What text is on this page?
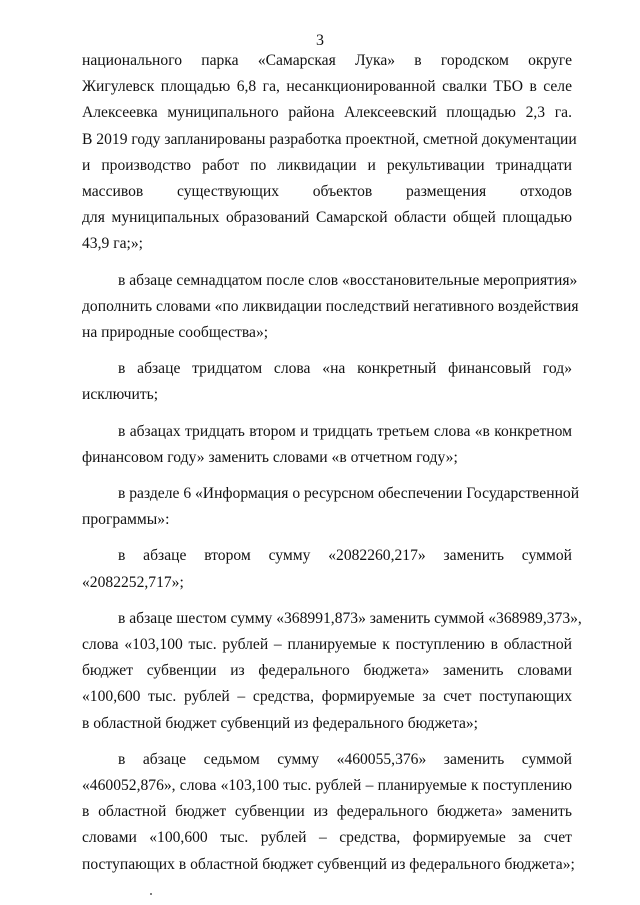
3
национального парка «Самарская Лука» в городском округе
Жигулевск площадью 6,8 га, несанкционированной свалки ТБО в селе
Алексеевка муниципального района Алексеевский площадью 2,3 га.
В 2019 году запланированы разработка проектной, сметной документации
и производство работ по ликвидации и рекультивации тринадцати
массивов существующих объектов размещения отходов
для муниципальных образований Самарской области общей площадью
43,9 га;»;
в абзаце семнадцатом после слов «восстановительные мероприятия»
дополнить словами «по ликвидации последствий негативного воздействия
на природные сообщества»;
в абзаце тридцатом слова «на конкретный финансовый год»
исключить;
в абзацах тридцать втором и тридцать третьем слова «в конкретном
финансовом году» заменить словами «в отчетном году»;
в разделе 6 «Информация о ресурсном обеспечении Государственной
программы»:
в абзаце втором сумму «2082260,217» заменить суммой
«2082252,717»;
в абзаце шестом сумму «368991,873» заменить суммой «368989,373»,
слова «103,100 тыс. рублей – планируемые к поступлению в областной
бюджет субвенции из федерального бюджета» заменить словами
«100,600 тыс. рублей – средства, формируемые за счет поступающих
в областной бюджет субвенций из федерального бюджета»;
в абзаце седьмом сумму «460055,376» заменить суммой
«460052,876», слова «103,100 тыс. рублей – планируемые к поступлению
в областной бюджет субвенции из федерального бюджета» заменить
словами «100,600 тыс. рублей – средства, формируемые за счет
поступающих в областной бюджет субвенций из федерального бюджета»;
